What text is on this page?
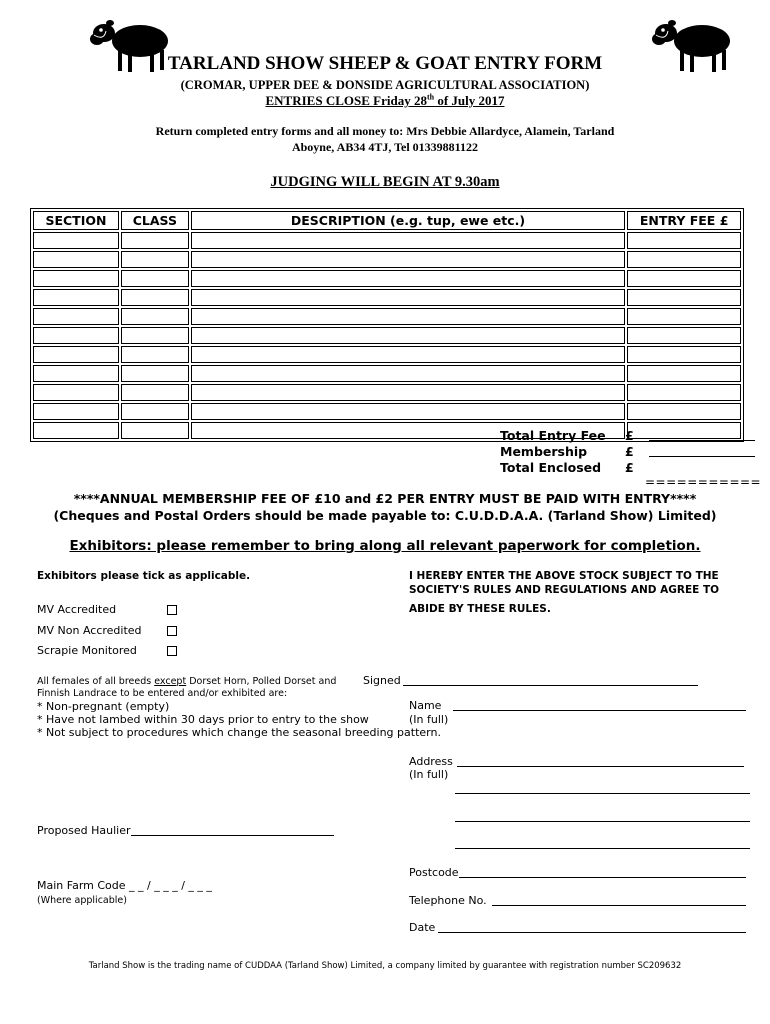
TARLAND SHOW SHEEP & GOAT ENTRY FORM
(CROMAR, UPPER DEE & DONSIDE AGRICULTURAL ASSOCIATION)
ENTRIES CLOSE Friday 28th of July 2017
Return completed entry forms and all money to: Mrs Debbie Allardyce, Alamein, Tarland
Aboyne, AB34 4TJ, Tel 01339881122
JUDGING WILL BEGIN AT 9.30am
SECTION	CLASS	DESCRIPTION (e.g. tup, ewe etc.)	ENTRY FEE £

Total Entry Fee £
Membership	£
Total Enclosed £
===========
****ANNUAL MEMBERSHIP FEE OF £10 and £2 PER ENTRY MUST BE PAID WITH ENTRY****
(Cheques and Postal Orders should be made payable to: C.U.D.D.A.A. (Tarland Show) Limited)
Exhibitors: please remember to bring along all relevant paperwork for completion.
Exhibitors please tick as applicable.
MV Accredited
MV Non Accredited
Scrapie Monitored
I HEREBY ENTER THE ABOVE STOCK SUBJECT TO THE
SOCIETY'S RULES AND REGULATIONS AND AGREE TO
ABIDE BY THESE RULES.
All females of all breeds except Dorset Horn, Polled Dorset and
Finnish Landrace to be entered and/or exhibited are:
* Non-pregnant (empty)
* Have not lambed within 30 days prior to entry to the show
* Not subject to procedures which change the seasonal breeding pattern.
Signed
Name
(In full)
Address
(In full)
Postcode
Telephone No.
Date
Proposed Haulier
Main Farm Code _ _ / _ _ _ / _ _ _
(Where applicable)
Tarland Show is the trading name of CUDDAA (Tarland Show) Limited, a company limited by guarantee with registration number SC209632
